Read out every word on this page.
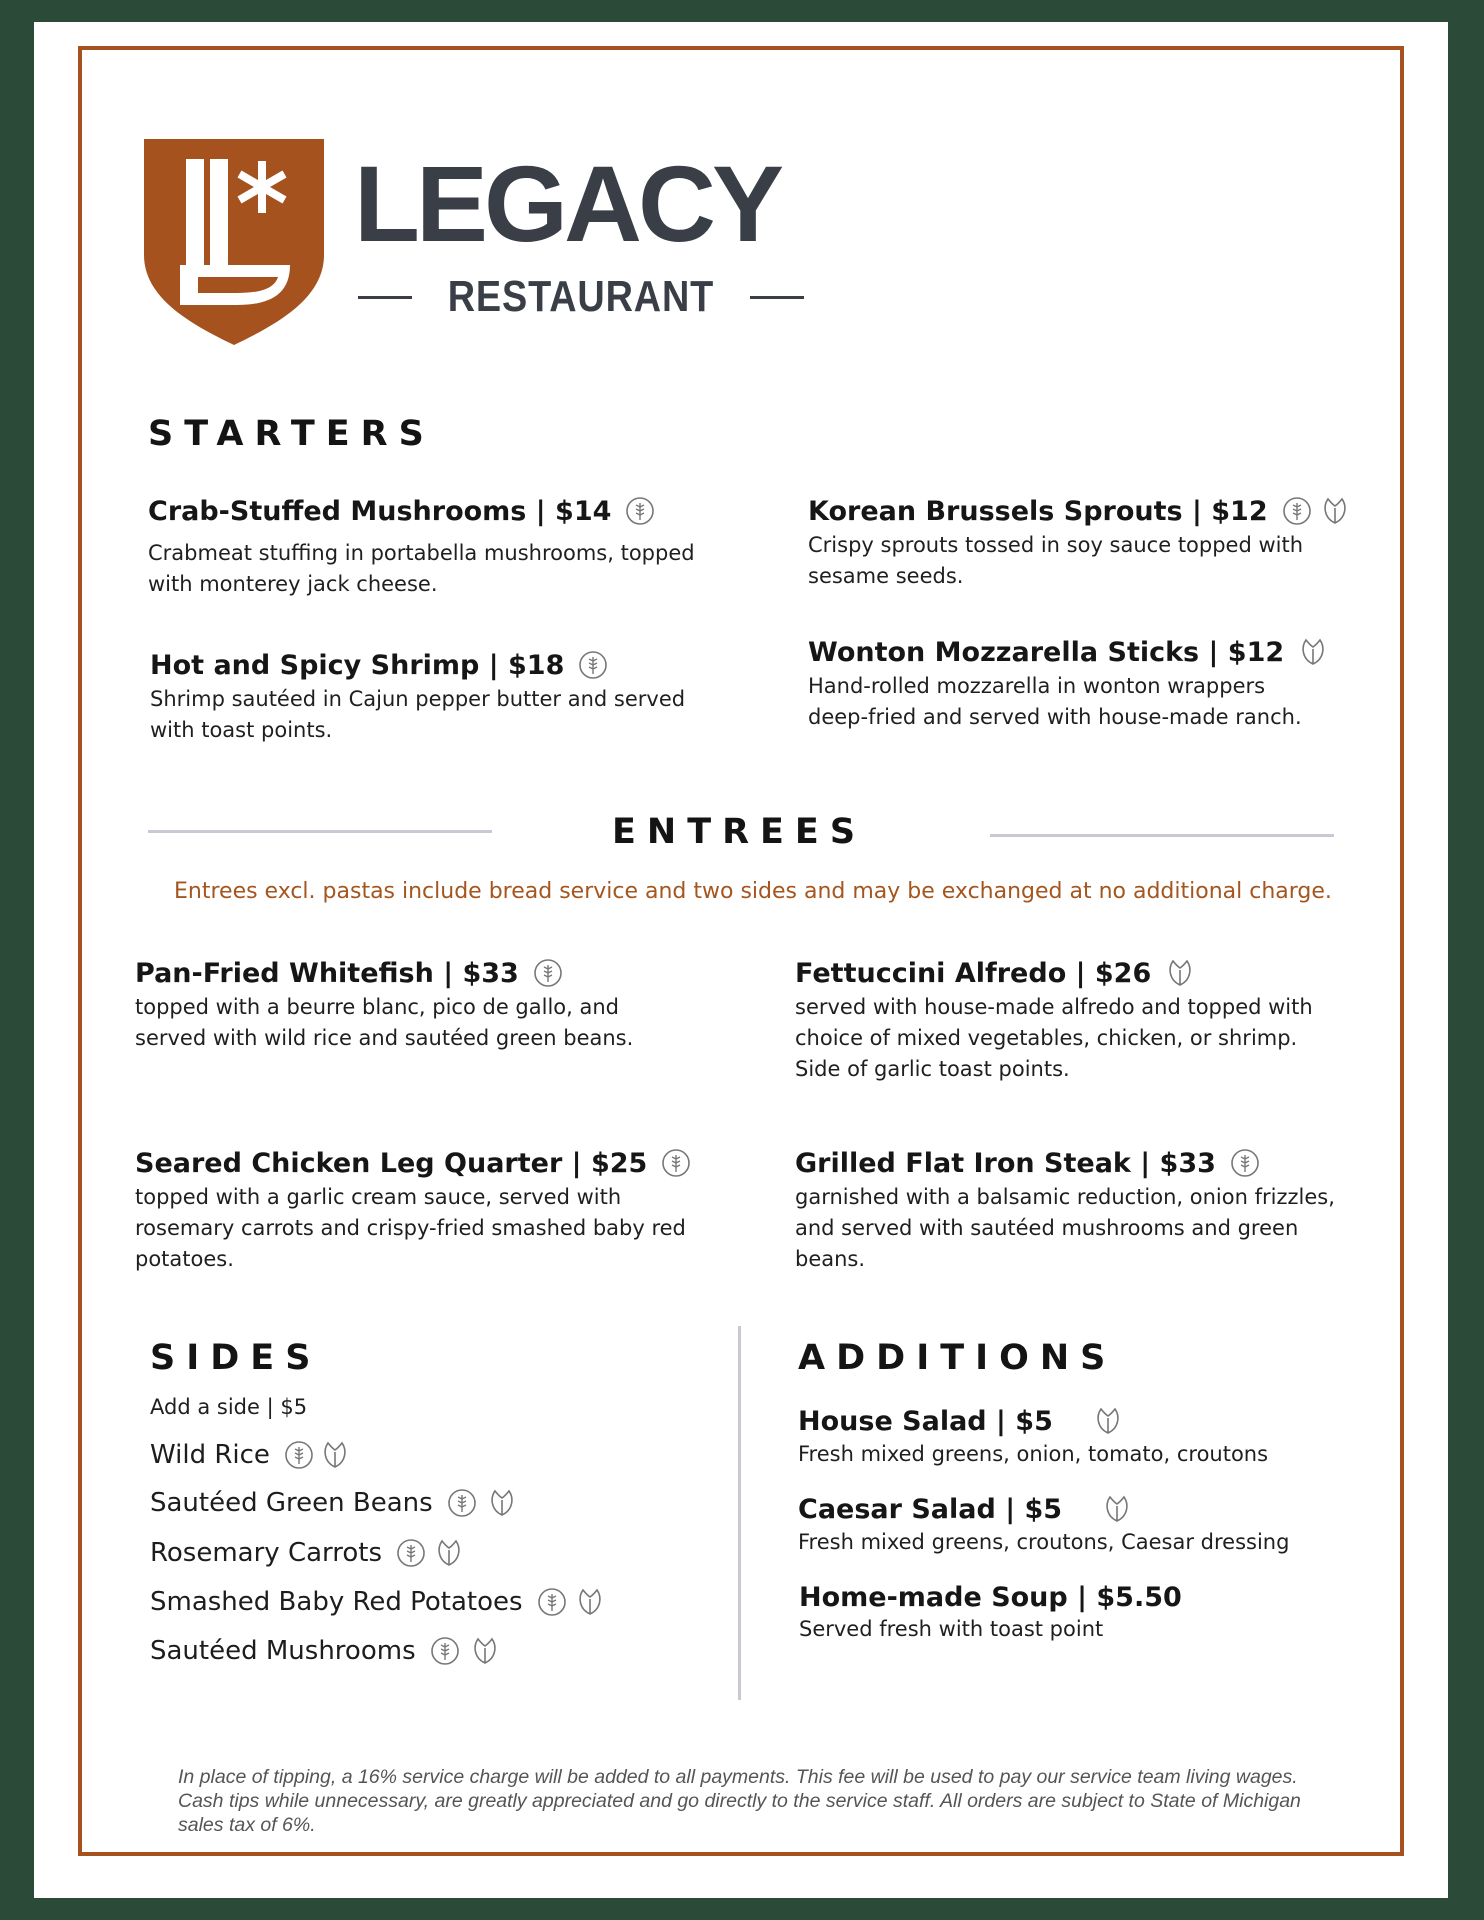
LEGACY
RESTAURANT
STARTERS
Crab-Stuffed Mushrooms | $14
Crabmeat stuffing in portabella mushrooms, topped with monterey jack cheese.
Korean Brussels Sprouts | $12
Crispy sprouts tossed in soy sauce topped with sesame seeds.
Hot and Spicy Shrimp | $18
Shrimp sautéed in Cajun pepper butter and served with toast points.
Wonton Mozzarella Sticks | $12
Hand-rolled mozzarella in wonton wrappers deep-fried and served with house-made ranch.
ENTREES
Entrees excl. pastas include bread service and two sides and may be exchanged at no additional charge.
Pan-Fried Whitefish | $33
topped with a beurre blanc, pico de gallo, and served with wild rice and sautéed green beans.
Fettuccini Alfredo | $26
served with house-made alfredo and topped with choice of mixed vegetables, chicken, or shrimp. Side of garlic toast points.
Seared Chicken Leg Quarter | $25
topped with a garlic cream sauce, served with rosemary carrots and crispy-fried smashed baby red potatoes.
Grilled Flat Iron Steak | $33
garnished with a balsamic reduction, onion frizzles, and served with sautéed mushrooms and green beans.
SIDES
Add a side | $5
Wild Rice
Sautéed Green Beans
Rosemary Carrots
Smashed Baby Red Potatoes
Sautéed Mushrooms
ADDITIONS
House Salad | $5
Fresh mixed greens, onion, tomato, croutons
Caesar Salad | $5
Fresh mixed greens, croutons, Caesar dressing
Home-made Soup | $5.50
Served fresh with toast point
In place of tipping, a 16% service charge will be added to all payments. This fee will be used to pay our service team living wages. Cash tips while unnecessary, are greatly appreciated and go directly to the service staff. All orders are subject to State of Michigan sales tax of 6%.
